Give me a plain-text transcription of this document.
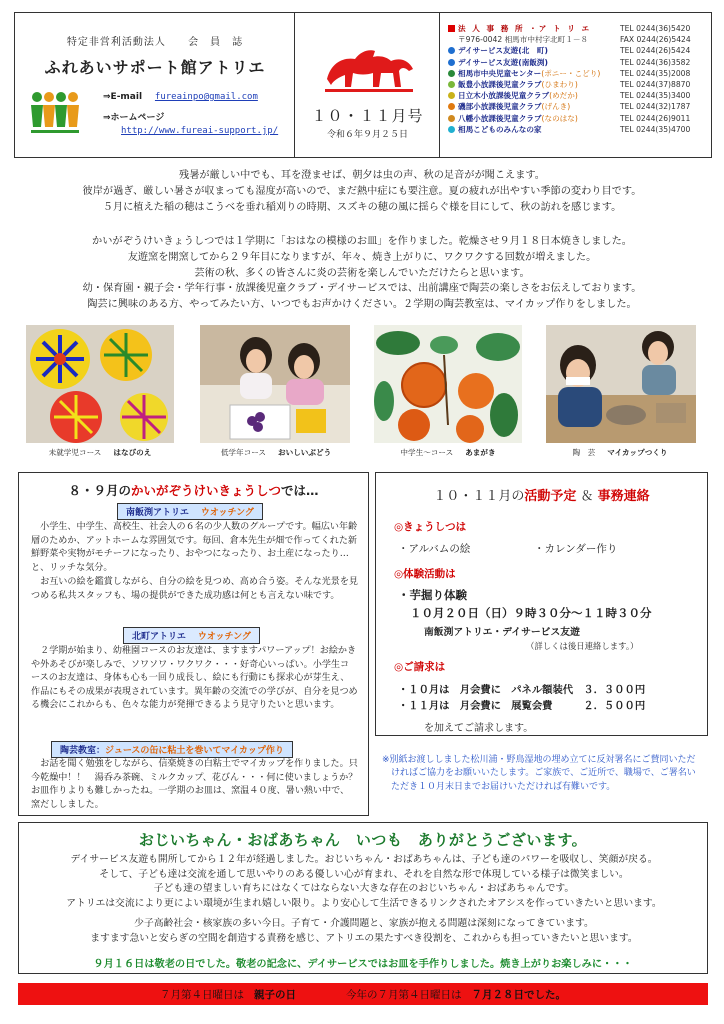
特定非営利活動法人 会　員　誌
ふれあいサポート館アトリエ
⇒E-mail fureainpo@gmail.com
⇒ホームページ
http://www.fureai-support.jp/
１０・１１月号
令和６年９月２５日
法 人 事 務 所 ・ア ト リ エ	TEL 0244(36)5420
〒976-0042 相馬市中村字北町１－８	FAX 0244(26)5424
デイサービス友遊(北　町)	TEL 0244(26)5424
デイサービス友遊(南飯渕)	TEL 0244(36)3582
相馬市中央児童センター(ポニー・こどり)	TEL 0244(35)2008
飯豊小放課後児童クラブ(ひまわり)	TEL 0244(37)8870
日立木小放課後児童クラブ(めだか)	TEL 0244(35)3400
磯部小放課後児童クラブ(げんき)	TEL 0244(32)1787
八幡小放課後児童クラブ(なのはな)	TEL 0244(26)9011
相馬こどものみんなの家	TEL 0244(35)4700

残暑が厳しい中でも、耳を澄ませば、朝夕は虫の声、秋の足音がが聞こえます。

彼岸が過ぎ、厳しい暑さが収まっても湿度が高いので、まだ熱中症にも要注意。夏の疲れが出やすい季節の変わり目です。

５月に植えた稲の穂はこうべを垂れ稲刈りの時期、スズキの穂の風に揺らぐ様を目にして、秋の訪れを感じます。

かいがぞうけいきょうしつでは１学期に「おはなの模様のお皿」を作りました。乾燥させ９月１８日本焼きしました。

友遊窯を開窯してから２９年目になりますが、年々、焼き上がりに、ワクワクする回数が増えました。

芸術の秋、多くの皆さんに炎の芸術を楽しんでいただけたらと思います。

幼・保育園・親子会・学年行事・放課後児童クラブ・デイサービスでは、出前講座で陶芸の楽しさをお伝えしております。

陶芸に興味のある方、やってみたい方、いつでもお声かけください。２学期の陶芸教室は、マイカップ作りをしました。

未就学児コース はなびのえ	低学年コース おいしいぶどう	中学生〜コース あまがき	陶　芸 マイカップつくり
８・９月のかいがぞうけいきょうしつでは…
南飯渕アトリエ ウオッチング
小学生、中学生、高校生、社会人の６名の少人数のグループです。幅広い年齢層のためか、アットホームな雰囲気です。毎回、倉本先生が畑で作ってくれた新鮮野菜や実物がモチーフになったり、おやつになったり、お土産になったり…と、リッチな気分。
お互いの絵を鑑賞しながら、自分の絵を見つめ、高め合う姿。そんな光景を見つめる私共スタッフも、場の提供ができた成功感は何とも言えない味です。
北町アトリエ ウオッチング
２学期が始まり、幼稚園コースのお友達は、ますますパワーアップ！お絵かきや外あそびが楽しみで、ソワソワ・ワクワク・・・好奇心いっぱい。小学生コースのお友達は、身体も心も一回り成長し、絵にも行動にも探求心が芽生え、作品にもその成果が表現されています。異年齢の交流での学びが、自分を見つめる機会にこれからも、色々な能力が発揮できるよう見守りたいと思います。
陶芸教室：ジュースの缶に粘土を巻いてマイカップ作り
お話を聞く勉強をしながら、信楽焼きの白粘土でマイカップを作りました。只今乾燥中！！　湯呑み茶碗、ミルクカップ、花びん・・・何に使いましょうか？　お皿作りよりも難しかったね。一学期のお皿は、窯温４０度、暑い熱い中で、窯だししました。
１０・１１月の活動予定 ＆ 事務連絡
◎きょうしつは
・アルバムの絵	・カレンダー作り
◎体験活動は
・芋掘り体験
１０月２０日（日）９時３０分～１１時３０分
南飯渕アトリエ・デイサービス友遊
（詳しくは後日連絡します。）
◎ご請求は
・１０月は　月会費に　パネル額装代　３．３００円
・１１月は　月会費に　展覧会費　　　２．５００円
を加えてご請求します。
※別紙お渡ししました松川浦・野鳥湿地の埋め立てに反対署名にご賛同いただければご協力をお願いいたします。ご家族で、ご近所で、職場で、ご署名いただき１０月末日までお届けいただければ有難いです。
おじいちゃん・おばあちゃん　いつも　ありがとうございます。

デイサービス友遊も開所してから１２年が経過しました。おじいちゃん・おばあちゃんは、子ども達のパワーを吸収し、笑顔が戻る。

そして、子ども達は交流を通して思いやりのある優しい心が育まれ、それを自然な形で体現している様子は微笑ましい。

子ども達の望ましい育ちにはなくてはならない大きな存在のおじいちゃん・おばあちゃんです。

アトリエは交流により更によい環境が生まれ嬉しい限り。より安心して生活できるリンクされたオアシスを作っていきたいと思います。

少子高齢社会・核家族の多い今日。子育て・介護問題と、家族が抱える問題は深刻になってきています。

ますます急いと安らぎの空間を創造する責務を感じ、アトリエの果たすべき役割を、これからも担っていきたいと思います。

９月１６日は敬老の日でした。敬老の記念に、デイサービスではお皿を手作りしました。焼き上がりお楽しみに・・・
７月第４日曜日は 親子の日	今年の７月第４日曜日は ７月２８日でした。
